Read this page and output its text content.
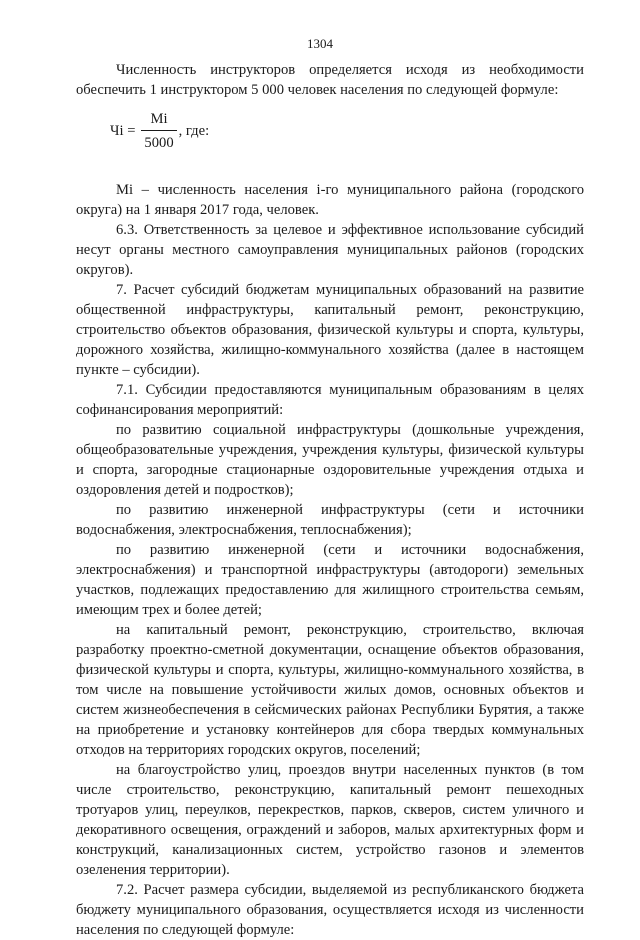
1304

Численность инструкторов определяется исходя из необходимости обеспечить 1 инструктором 5 000 человек населения по следующей формуле:

Чi = $\frac{Mi}{5000}$ , где:

Mi – численность населения i-го муниципального района (городского округа) на 1 января 2017 года, человек.

6.3. Ответственность за целевое и эффективное использование субсидий несут органы местного самоуправления муниципальных районов (городских округов).

7. Расчет субсидий бюджетам муниципальных образований на развитие общественной инфраструктуры, капитальный ремонт, реконструкцию, строительство объектов образования, физической культуры и спорта, культуры, дорожного хозяйства, жилищно-коммунального хозяйства (далее в настоящем пункте – субсидии).

7.1. Субсидии предоставляются муниципальным образованиям в целях софинансирования мероприятий:

по развитию социальной инфраструктуры (дошкольные учреждения, общеобразовательные учреждения, учреждения культуры, физической культуры и спорта, загородные стационарные оздоровительные учреждения отдыха и оздоровления детей и подростков);

по развитию инженерной инфраструктуры (сети и источники водоснабжения, электроснабжения, теплоснабжения);

по развитию инженерной (сети и источники водоснабжения, электроснабжения) и транспортной инфраструктуры (автодороги) земельных участков, подлежащих предоставлению для жилищного строительства семьям, имеющим трех и более детей;

на капитальный ремонт, реконструкцию, строительство, включая разработку проектно-сметной документации, оснащение объектов образования, физической культуры и спорта, культуры, жилищно-коммунального хозяйства, в том числе на повышение устойчивости жилых домов, основных объектов и систем жизнеобеспечения в сейсмических районах Республики Бурятия, а также на приобретение и установку контейнеров для сбора твердых коммунальных отходов на территориях городских округов, поселений;

на благоустройство улиц, проездов внутри населенных пунктов (в том числе строительство, реконструкцию, капитальный ремонт пешеходных тротуаров улиц, переулков, перекрестков, парков, скверов, систем уличного и декоративного освещения, ограждений и заборов, малых архитектурных форм и конструкций, канализационных систем, устройство газонов и элементов озеленения территории).

7.2. Расчет размера субсидии, выделяемой из республиканского бюджета бюджету муниципального образования, осуществляется исходя из численности населения по следующей формуле:
